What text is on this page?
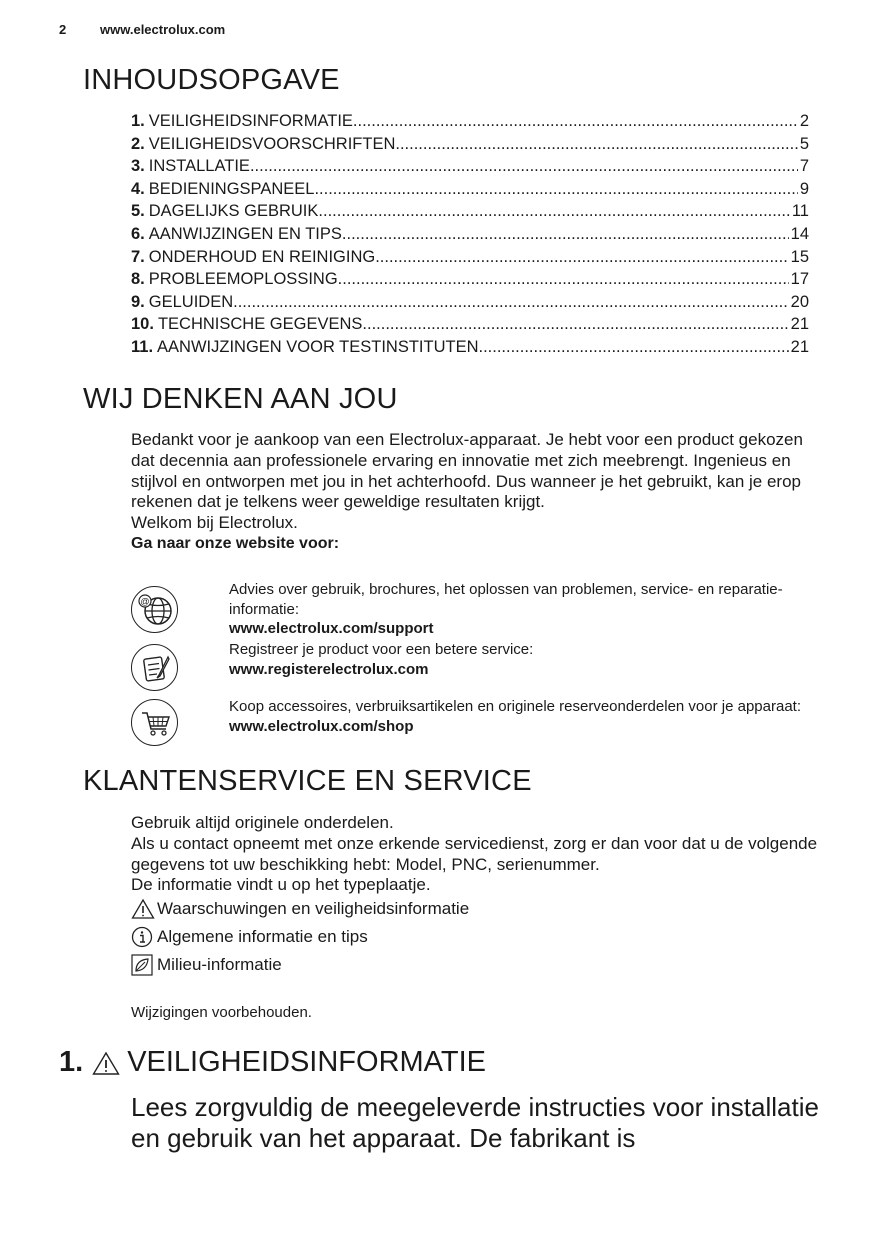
2	www.electrolux.com
INHOUDSOPGAVE
1. VEILIGHEIDSINFORMATIE .....	2
2. VEILIGHEIDSVOORSCHRIFTEN .....	5
3. INSTALLATIE .....	7
4. BEDIENINGSPANEEL .....	9
5. DAGELIJKS GEBRUIK .....	11
6. AANWIJZINGEN EN TIPS .....	14
7. ONDERHOUD EN REINIGING .....	15
8. PROBLEEMOPLOSSING .....	17
9. GELUIDEN .....	20
10. TECHNISCHE GEGEVENS .....	21
11. AANWIJZINGEN VOOR TESTINSTITUTEN .....	21
WIJ DENKEN AAN JOU

Bedankt voor je aankoop van een Electrolux-apparaat. Je hebt voor een product gekozen dat decennia aan professionele ervaring en innovatie met zich meebrengt. Ingenieus en stijlvol en ontworpen met jou in het achterhoofd. Dus wanneer je het gebruikt, kan je erop rekenen dat je telkens weer geweldige resultaten krijgt.

Welkom bij Electrolux.

Ga naar onze website voor:

@

Advies over gebruik, brochures, het oplossen van problemen, service- en reparatie-informatie:

www.electrolux.com/support

Registreer je product voor een betere service:

www.registerelectrolux.com

Koop accessoires, verbruiksartikelen en originele reserveonderdelen voor je apparaat:

www.electrolux.com/shop

KLANTENSERVICE EN SERVICE

Gebruik altijd originele onderdelen.

Als u contact opneemt met onze erkende servicedienst, zorg er dan voor dat u de volgende gegevens tot uw beschikking hebt: Model, PNC, serienummer.

De informatie vindt u op het typeplaatje.

Waarschuwingen en veiligheidsinformatie
Algemene informatie en tips
Milieu-informatie
Wijzigingen voorbehouden.
1. VEILIGHEIDSINFORMATIE

Lees zorgvuldig de meegeleverde instructies voor installatie en gebruik van het apparaat. De fabrikant is
